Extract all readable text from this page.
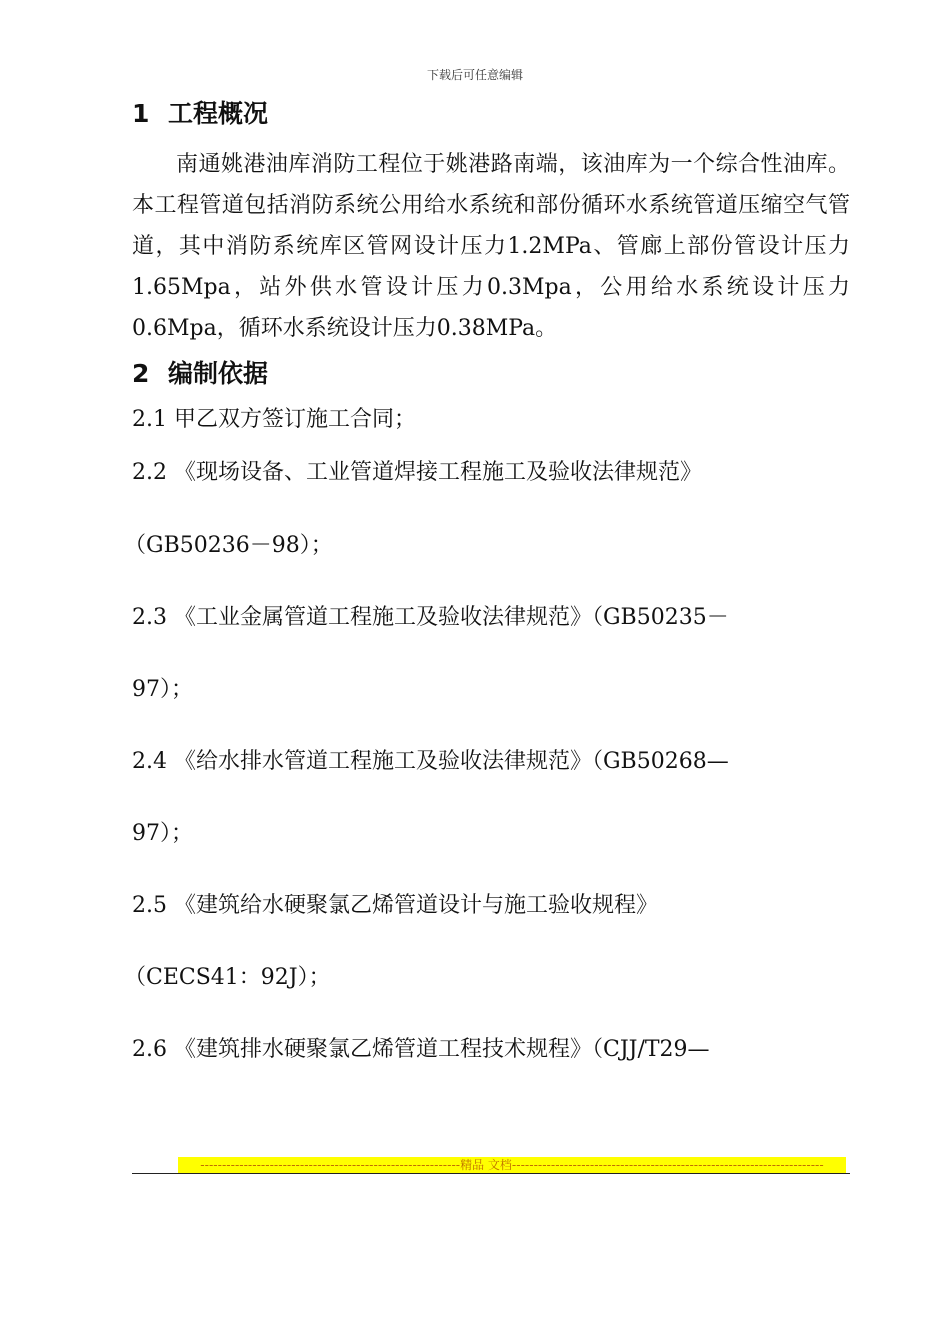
下载后可任意编辑
1 工程概况

南通姚港油库消防工程位于姚港路南端，该油库为一个综合性油库。本工程管道包括消防系统公用给水系统和部份循环水系统管道压缩空气管道，其中消防系统库区管网设计压力1.2MPa、管廊上部份管设计压力1.65Mpa，站外供水管设计压力0.3Mpa，公用给水系统设计压力0.6Mpa，循环水系统设计压力0.38MPa。

2 编制依据
2.1 甲乙双方签订施工合同；
2.2 《现场设备、工业管道焊接工程施工及验收法律规范》
（GB50236－98）；
2.3 《工业金属管道工程施工及验收法律规范》（GB50235－
97）；
2.4 《给水排水管道工程施工及验收法律规范》（GB50268—
97）；
2.5 《建筑给水硬聚氯乙烯管道设计与施工验收规程》
（CECS41：92J）；
2.6 《建筑排水硬聚氯乙烯管道工程技术规程》（CJJ/T29—
------------------------------------------------------------精品 文档------------------------------------------------------------------------
